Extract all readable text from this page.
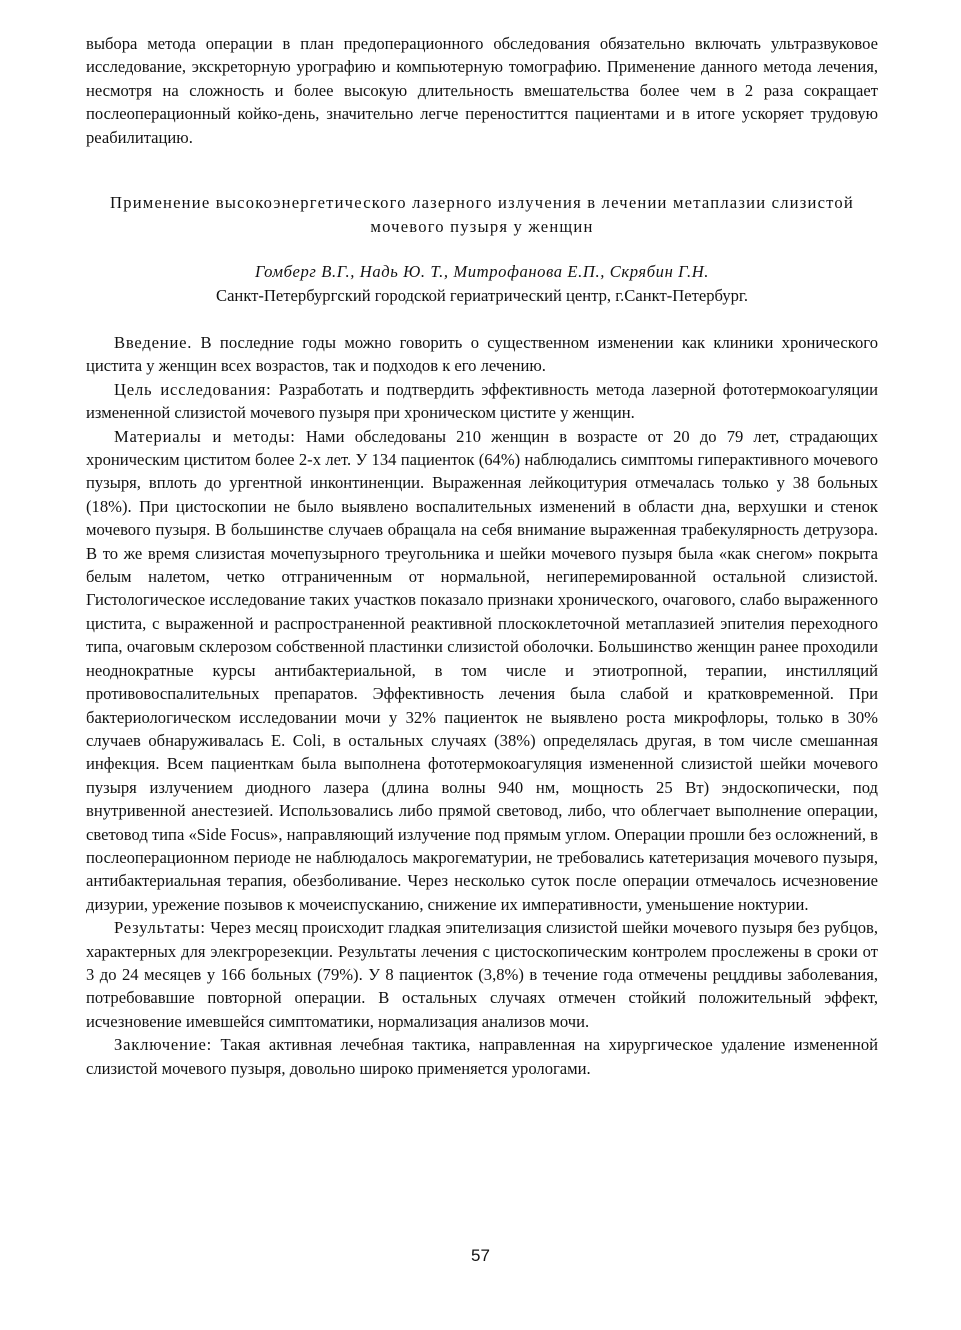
выбора метода операции в план предоперационного обследования обязательно включать ультразвуковое исследование, экскреторную урографию и компьютерную томографию. Применение данного метода лечения, несмотря на сложность и более высокую длительность вмешательства более чем в 2 раза сокращает послеоперационный койко-день, значительно легче переноститтся пациентами и в итоге ускоряет трудовую реабилитацию.
Применение высокоэнергетического лазерного излучения в лечении метаплазии слизистой мочевого пузыря у женщин
Гомберг В.Г., Надь Ю. Т., Митрофанова Е.П., Скрябин Г.Н.
Санкт-Петербургский городской гериатрический центр, г.Санкт-Петербург.

Введение. В последние годы можно говорить о существенном изменении как клиники хронического цистита у женщин всех возрастов, так и подходов к его лечению.

Цель исследования: Разработать и подтвердить эффективность метода лазерной фототермокоагуляции измененной слизистой мочевого пузыря при хроническом цистите у женщин.

Материалы и методы: Нами обследованы 210 женщин в возрасте от 20 до 79 лет, страдающих хроническим циститом более 2-х лет. У 134 пациенток (64%) наблюдались симптомы гиперактивного мочевого пузыря, вплоть до ургентной инконтиненции. Выраженная лейкоцитурия отмечалась только у 38 больных (18%). При цистоскопии не было выявлено воспалительных изменений в области дна, верхушки и стенок мочевого пузыря. В большинстве случаев обращала на себя внимание выраженная трабекулярность детрузора. В то же время слизистая мочепузырного треугольника и шейки мочевого пузыря была «как снегом» покрыта белым налетом, четко отграниченным от нормальной, негиперемированной остальной слизистой. Гистологическое исследование таких участков показало признаки хронического, очагового, слабо выраженного цистита, с выраженной и распространенной реактивной плоскоклеточной метаплазией эпителия переходного типа, очаговым склерозом собственной пластинки слизистой оболочки. Большинство женщин ранее проходили неоднократные курсы антибактериальной, в том числе и этиотропной, терапии, инстилляций противовоспалительных препаратов. Эффективность лечения была слабой и кратковременной. При бактериологическом исследовании мочи у 32% пациенток не выявлено роста микрофлоры, только в 30% случаев обнаруживалась E. Coli, в остальных случаях (38%) определялась другая, в том числе смешанная инфекция. Всем пациенткам была выполнена фототермокоагуляция измененной слизистой шейки мочевого пузыря излучением диодного лазера (длина волны 940 нм, мощность 25 Вт) эндоскопически, под внутривенной анестезией. Использовались либо прямой световод, либо, что облегчает выполнение операции, световод типа «Side Focus», направляющий излучение под прямым углом. Операции прошли без осложнений, в послеоперационном периоде не наблюдалось макрогематурии, не требовались катетеризация мочевого пузыря, антибактериальная терапия, обезболивание. Через несколько суток после операции отмечалось исчезновение дизурии, урежение позывов к мочеиспусканию, снижение их императивности, уменьшение ноктурии.

Результаты: Через месяц происходит гладкая эпителизация слизистой шейки мочевого пузыря без рубцов, характерных для элекгрорезекции. Результаты лечения с цистоскопическим контролем прослежены в сроки от 3 до 24 месяцев у 166 больных (79%). У 8 пациенток (3,8%) в течение года отмечены рецддивы заболевания, потребовавшие повторной операции. В остальных случаях отмечен стойкий положительный эффект, исчезновение имевшейся симптоматики, нормализация анализов мочи.

Заключение: Такая активная лечебная тактика, направленная на хирургическое удаление измененной слизистой мочевого пузыря, довольно широко применяется урологами.

57
